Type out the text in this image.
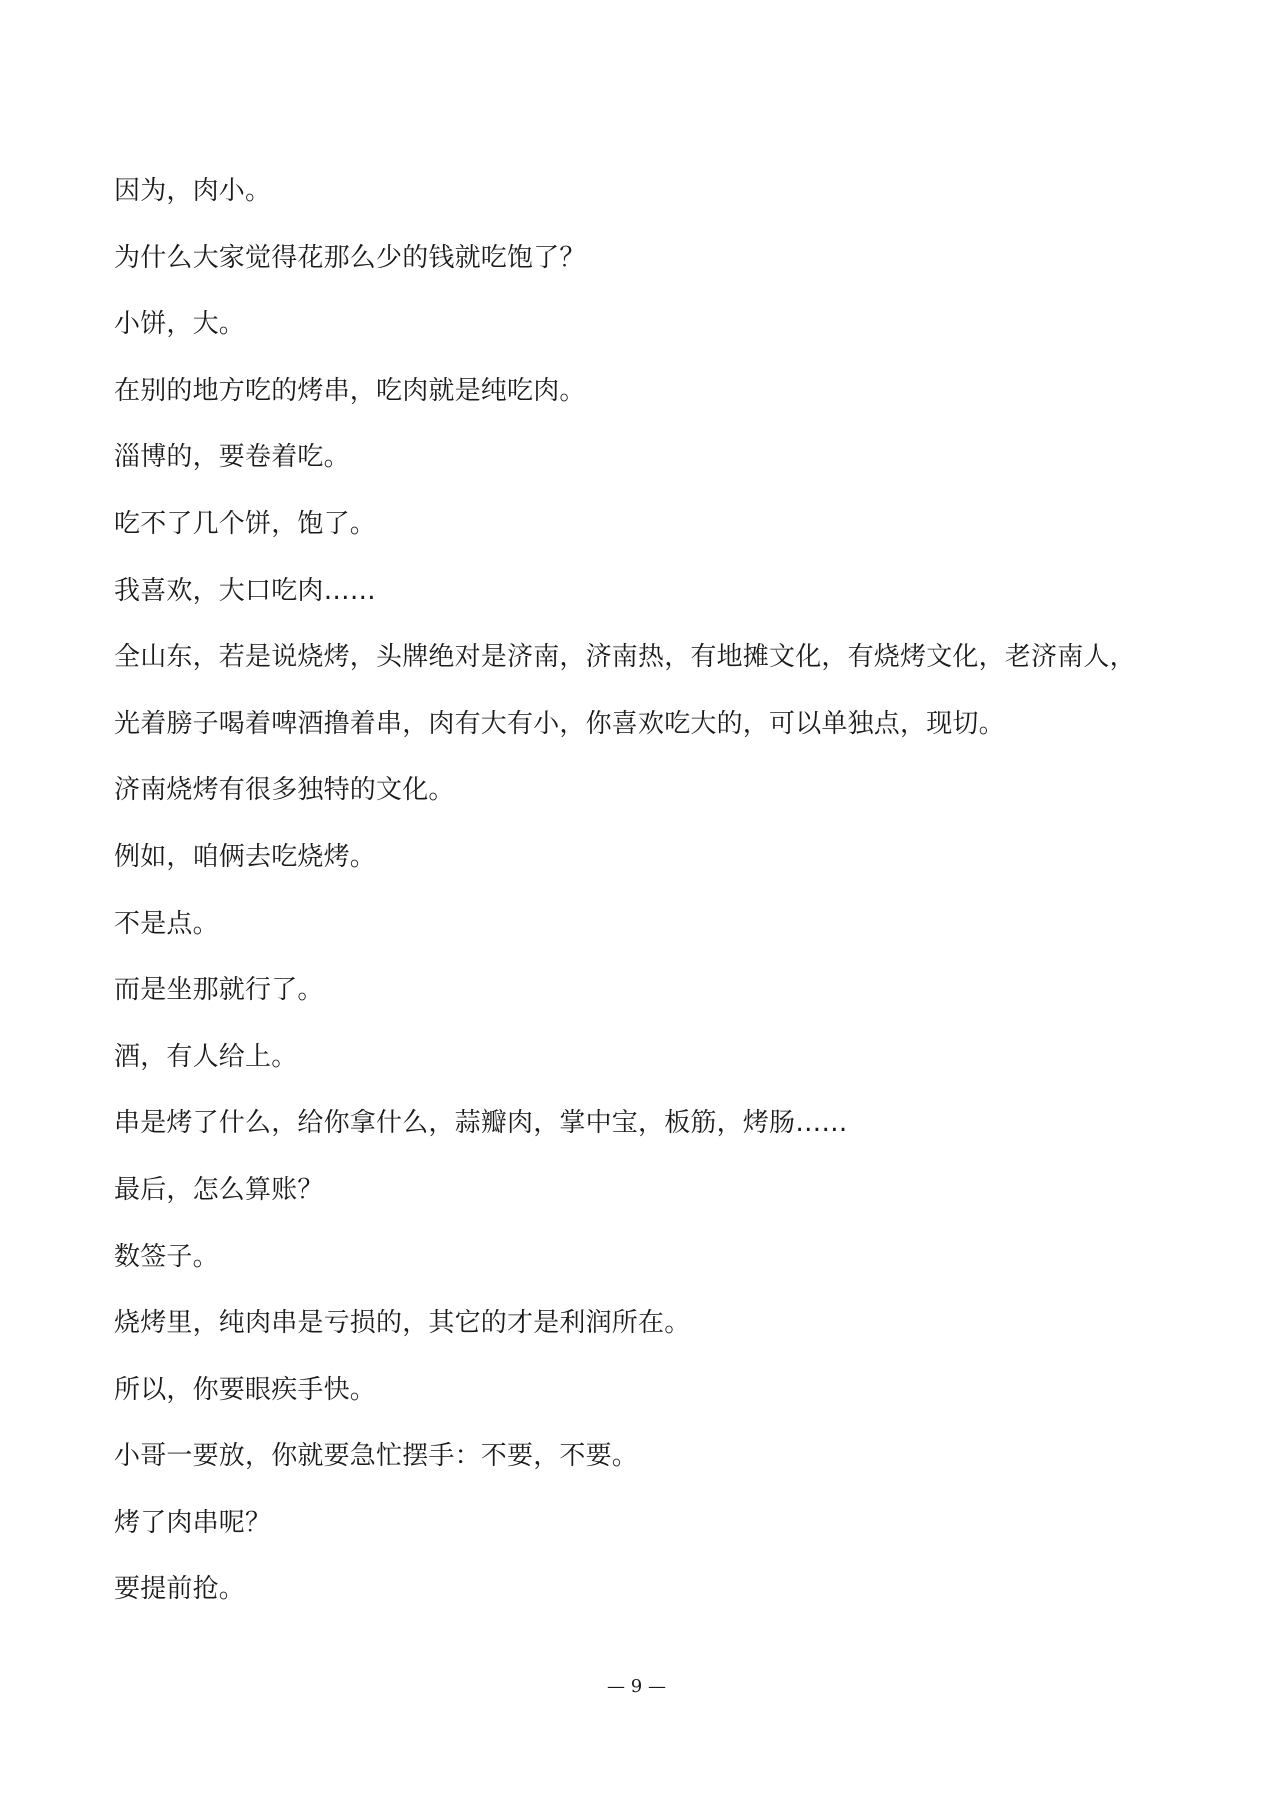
因为，肉小。
为什么大家觉得花那么少的钱就吃饱了？
小饼，大。
在别的地方吃的烤串，吃肉就是纯吃肉。
淄博的，要卷着吃。
吃不了几个饼，饱了。
我喜欢，大口吃肉……
全山东，若是说烧烤，头牌绝对是济南，济南热，有地摊文化，有烧烤文化，老济南人，
光着膀子喝着啤酒撸着串，肉有大有小，你喜欢吃大的，可以单独点，现切。
济南烧烤有很多独特的文化。
例如，咱俩去吃烧烤。
不是点。
而是坐那就行了。
酒，有人给上。
串是烤了什么，给你拿什么，蒜瓣肉，掌中宝，板筋，烤肠……
最后，怎么算账？
数签子。
烧烤里，纯肉串是亏损的，其它的才是利润所在。
所以，你要眼疾手快。
小哥一要放，你就要急忙摆手：不要，不要。
烤了肉串呢？
要提前抢。
— 9 —
